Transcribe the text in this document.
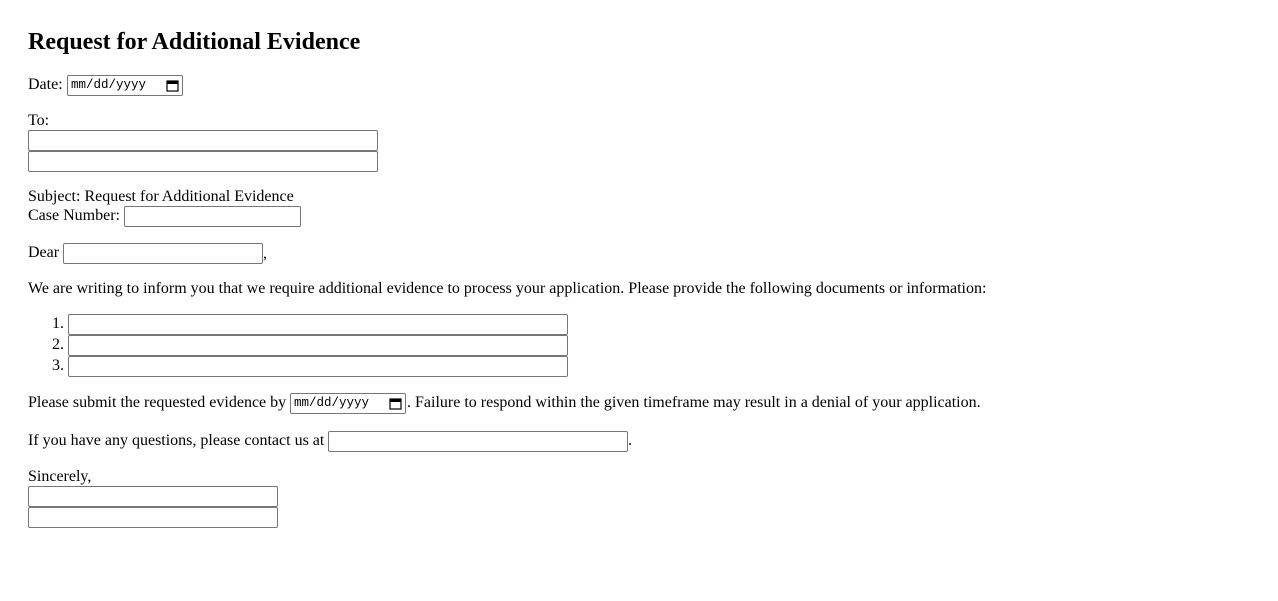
Request for Additional Evidence
Date: mm/dd/yyyy
To:
Subject: Request for Additional Evidence
Case Number:
Dear	,
We are writing to inform you that we require additional evidence to process your application. Please provide the following documents or information:
1.
2.
3.
Please submit the requested evidence by mm/dd/yyyy	. Failure to respond within the given timeframe may result in a denial of your application.
If you have any questions, please contact us at	.
Sincerely,
